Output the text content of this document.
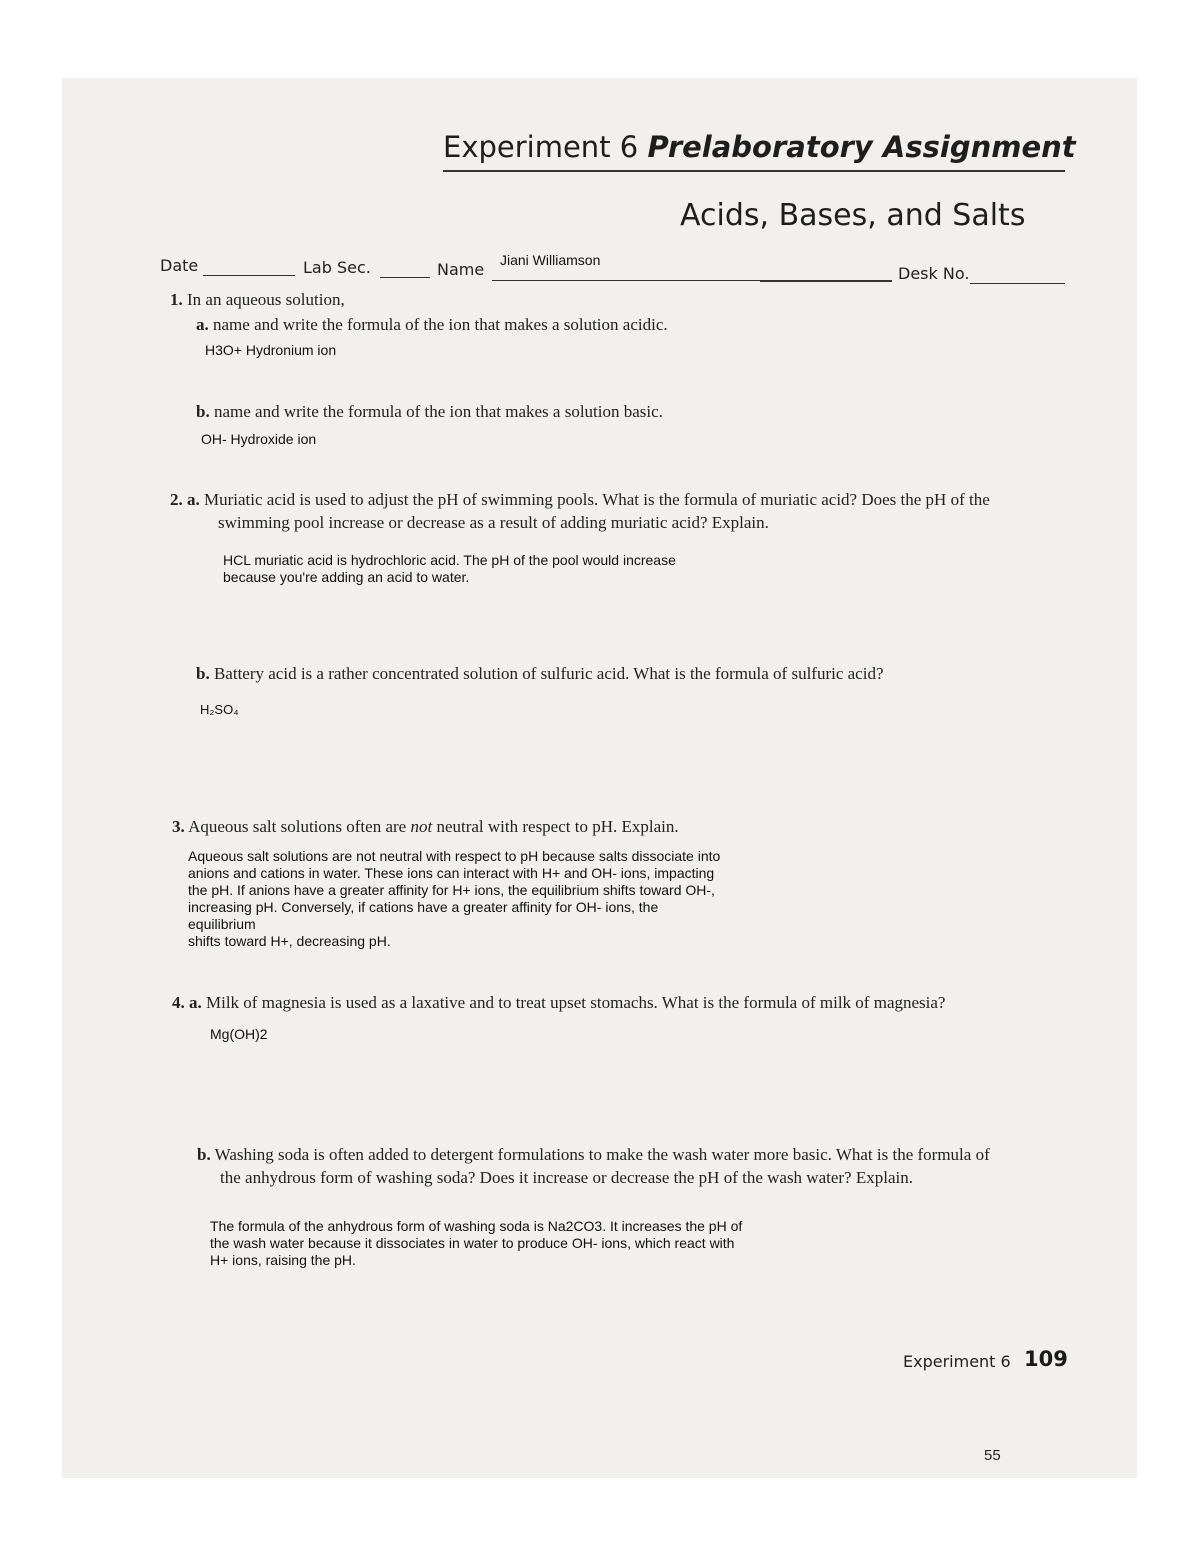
Experiment 6 Prelaboratory Assignment
Acids, Bases, and Salts
Date	Lab Sec.	Name Jiani Williamson
Desk No.
1. In an aqueous solution,
a. name and write the formula of the ion that makes a solution acidic.
H3O+ Hydronium ion
b. name and write the formula of the ion that makes a solution basic.
OH- Hydroxide ion
2. a. Muriatic acid is used to adjust the pH of swimming pools. What is the formula of muriatic acid? Does the pH of the
swimming pool increase or decrease as a result of adding muriatic acid? Explain.
HCL muriatic acid is hydrochloric acid. The pH of the pool would increase
because you're adding an acid to water.
b. Battery acid is a rather concentrated solution of sulfuric acid. What is the formula of sulfuric acid?
H₂SO₄
3. Aqueous salt solutions often are not neutral with respect to pH. Explain.
Aqueous salt solutions are not neutral with respect to pH because salts dissociate into
anions and cations in water. These ions can interact with H+ and OH- ions, impacting
the pH. If anions have a greater affinity for H+ ions, the equilibrium shifts toward OH-,
increasing pH. Conversely, if cations have a greater affinity for OH- ions, the
equilibrium
shifts toward H+, decreasing pH.
4. a. Milk of magnesia is used as a laxative and to treat upset stomachs. What is the formula of milk of magnesia?
Mg(OH)2
b. Washing soda is often added to detergent formulations to make the wash water more basic. What is the formula of
the anhydrous form of washing soda? Does it increase or decrease the pH of the wash water? Explain.
The formula of the anhydrous form of washing soda is Na2CO3. It increases the pH of
the wash water because it dissociates in water to produce OH- ions, which react with
H+ ions, raising the pH.
Experiment 6 109
55
